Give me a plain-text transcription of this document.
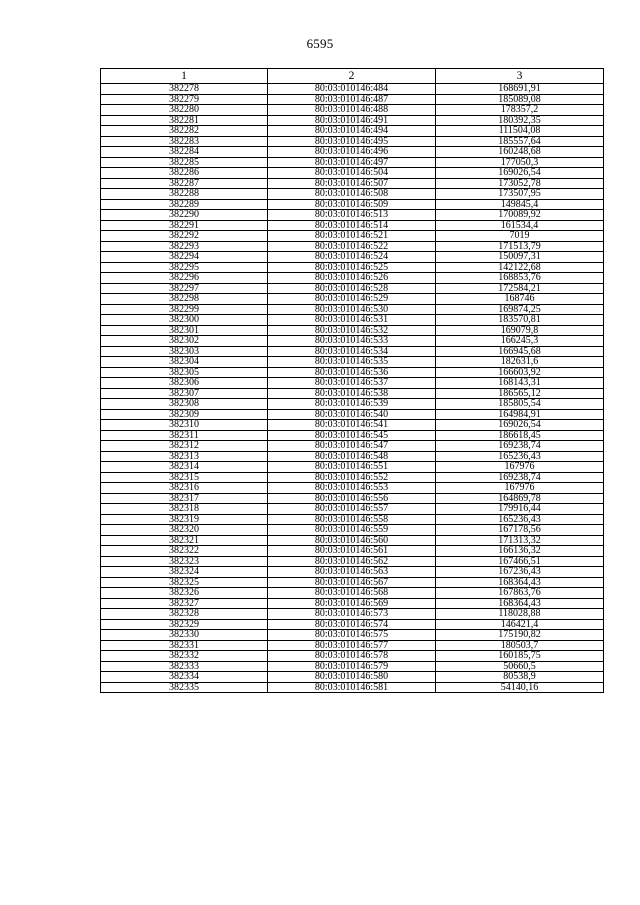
6595
1	2	3
382278	80:03:010146:484	168691,91
382279	80:03:010146:487	185089,08
382280	80:03:010146:488	178357,2
382281	80:03:010146:491	180392,35
382282	80:03:010146:494	111504,08
382283	80:03:010146:495	185557,64
382284	80:03:010146:496	160248,68
382285	80:03:010146:497	177050,3
382286	80:03:010146:504	169026,54
382287	80:03:010146:507	173052,78
382288	80:03:010146:508	173507,95
382289	80:03:010146:509	149845,4
382290	80:03:010146:513	170089,92
382291	80:03:010146:514	161534,4
382292	80:03:010146:521	7019
382293	80:03:010146:522	171513,79
382294	80:03:010146:524	150097,31
382295	80:03:010146:525	142122,68
382296	80:03:010146:526	168853,76
382297	80:03:010146:528	172584,21
382298	80:03:010146:529	168746
382299	80:03:010146:530	169874,25
382300	80:03:010146:531	183570,81
382301	80:03:010146:532	169079,8
382302	80:03:010146:533	166245,3
382303	80:03:010146:534	166945,68
382304	80:03:010146:535	182631,6
382305	80:03:010146:536	166603,92
382306	80:03:010146:537	168143,31
382307	80:03:010146:538	186565,12
382308	80:03:010146:539	185805,54
382309	80:03:010146:540	164984,91
382310	80:03:010146:541	169026,54
382311	80:03:010146:545	186618,45
382312	80:03:010146:547	169238,74
382313	80:03:010146:548	165236,43
382314	80:03:010146:551	167976
382315	80:03:010146:552	169238,74
382316	80:03:010146:553	167976
382317	80:03:010146:556	164869,78
382318	80:03:010146:557	179916,44
382319	80:03:010146:558	165236,43
382320	80:03:010146:559	167178,56
382321	80:03:010146:560	171313,32
382322	80:03:010146:561	166136,32
382323	80:03:010146:562	167466,51
382324	80:03:010146:563	167236,43
382325	80:03:010146:567	168364,43
382326	80:03:010146:568	167863,76
382327	80:03:010146:569	168364,43
382328	80:03:010146:573	118028,88
382329	80:03:010146:574	146421,4
382330	80:03:010146:575	175190,82
382331	80:03:010146:577	180503,7
382332	80:03:010146:578	160185,75
382333	80:03:010146:579	50660,5
382334	80:03:010146:580	80538,9
382335	80:03:010146:581	54140,16
